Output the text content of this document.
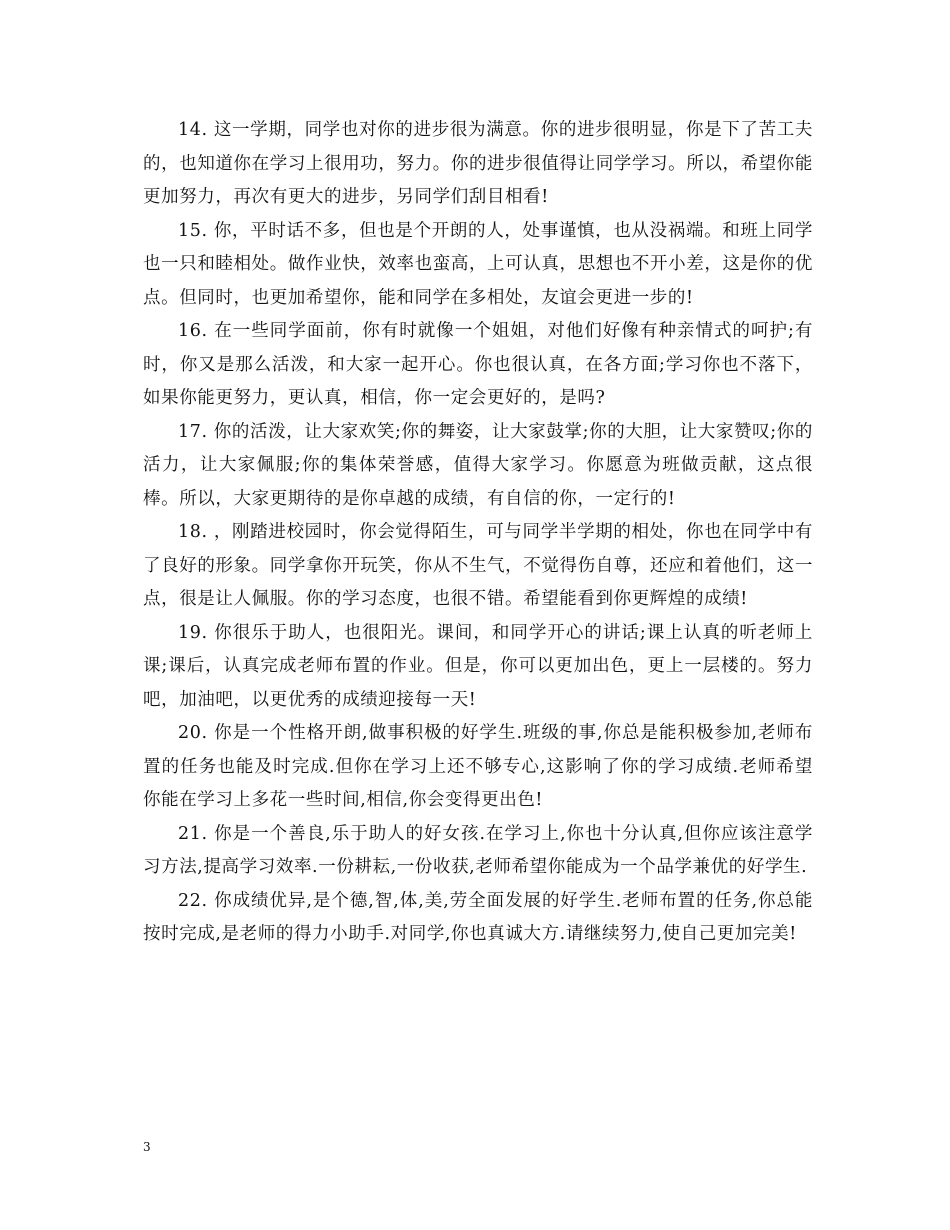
14. 这一学期，同学也对你的进步很为满意。你的进步很明显，你是下了苦工夫的，也知道你在学习上很用功，努力。你的进步很值得让同学学习。所以，希望你能更加努力，再次有更大的进步，另同学们刮目相看!

15. 你，平时话不多，但也是个开朗的人，处事谨慎，也从没祸端。和班上同学也一只和睦相处。做作业快，效率也蛮高，上可认真，思想也不开小差，这是你的优点。但同时，也更加希望你，能和同学在多相处，友谊会更进一步的!

16. 在一些同学面前，你有时就像一个姐姐，对他们好像有种亲情式的呵护;有时，你又是那么活泼，和大家一起开心。你也很认真，在各方面;学习你也不落下，如果你能更努力，更认真，相信，你一定会更好的，是吗?

17. 你的活泼，让大家欢笑;你的舞姿，让大家鼓掌;你的大胆，让大家赞叹;你的活力，让大家佩服;你的集体荣誉感，值得大家学习。你愿意为班做贡献，这点很棒。所以，大家更期待的是你卓越的成绩，有自信的你，一定行的!

18. ，刚踏进校园时，你会觉得陌生，可与同学半学期的相处，你也在同学中有了良好的形象。同学拿你开玩笑，你从不生气，不觉得伤自尊，还应和着他们，这一点，很是让人佩服。你的学习态度，也很不错。希望能看到你更辉煌的成绩!

19. 你很乐于助人，也很阳光。课间，和同学开心的讲话;课上认真的听老师上课;课后，认真完成老师布置的作业。但是，你可以更加出色，更上一层楼的。努力吧，加油吧，以更优秀的成绩迎接每一天!

20. 你是一个性格开朗,做事积极的好学生.班级的事,你总是能积极参加,老师布置的任务也能及时完成.但你在学习上还不够专心,这影响了你的学习成绩.老师希望你能在学习上多花一些时间,相信,你会变得更出色!

21. 你是一个善良,乐于助人的好女孩.在学习上,你也十分认真,但你应该注意学习方法,提高学习效率.一份耕耘,一份收获,老师希望你能成为一个品学兼优的好学生.

22. 你成绩优异,是个德,智,体,美,劳全面发展的好学生.老师布置的任务,你总能按时完成,是老师的得力小助手.对同学,你也真诚大方.请继续努力,使自己更加完美!

3
